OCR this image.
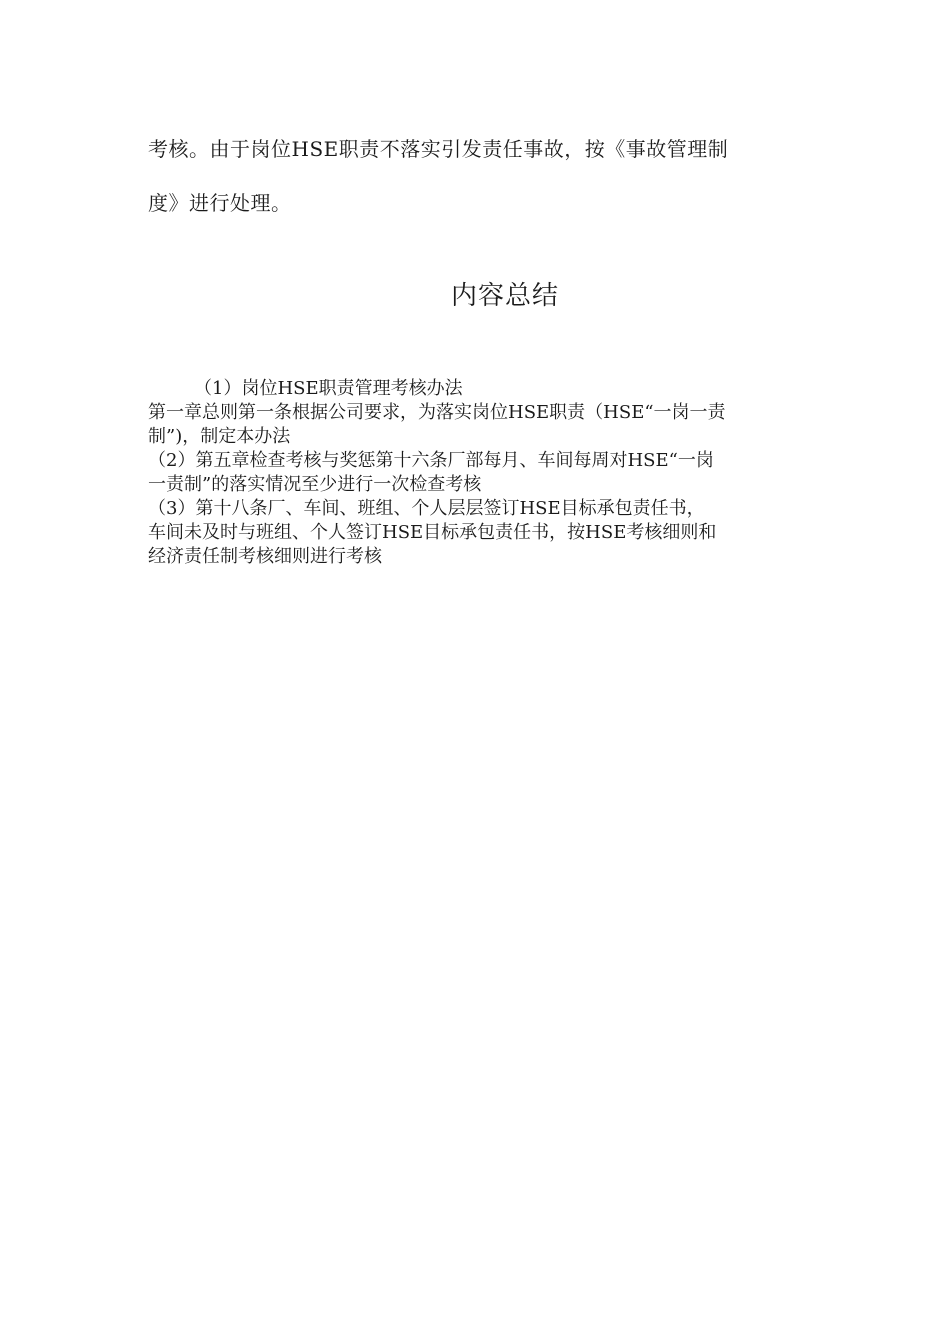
考核。由于岗位HSE职责不落实引发责任事故，按《事故管理制
度》进行处理。
内容总结
（1）岗位HSE职责管理考核办法
第一章总则第一条根据公司要求，为落实岗位HSE职责（HSE“一岗一责
制”)，制定本办法
（2）第五章检查考核与奖惩第十六条厂部每月、车间每周对HSE“一岗
一责制”的落实情况至少进行一次检查考核
（3）第十八条厂、车间、班组、个人层层签订HSE目标承包责任书，
车间未及时与班组、个人签订HSE目标承包责任书，按HSE考核细则和
经济责任制考核细则进行考核
